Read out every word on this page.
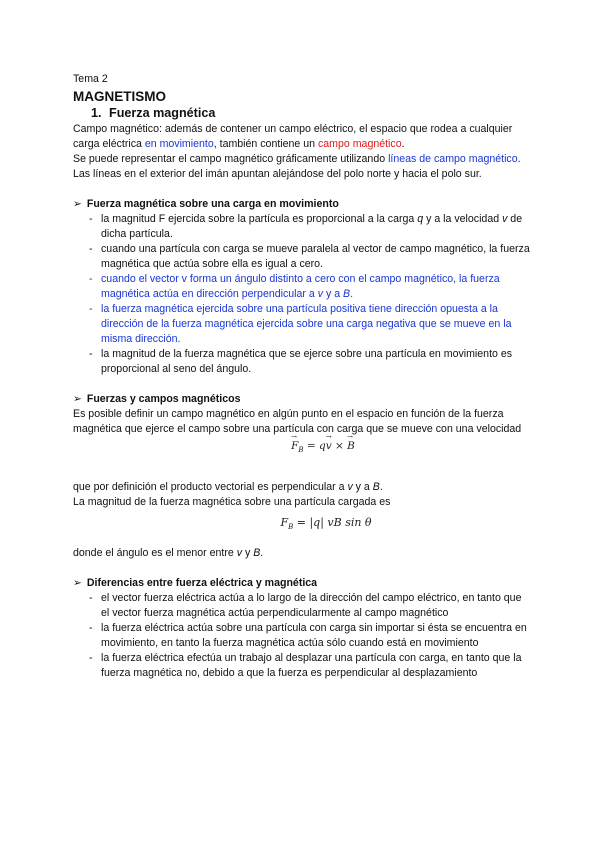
Tema 2
MAGNETISMO
1. Fuerza magnética
Campo magnético: además de contener un campo eléctrico, el espacio que rodea a cualquier carga eléctrica en movimiento, también contiene un campo magnético.
Se puede representar el campo magnético gráficamente utilizando líneas de campo magnético. Las líneas en el exterior del imán apuntan alejándose del polo norte y hacia el polo sur.
➢ Fuerza magnética sobre una carga en movimiento
- la magnitud F ejercida sobre la partícula es proporcional a la carga q y a la velocidad v de dicha partícula.
- cuando una partícula con carga se mueve paralela al vector de campo magnético, la fuerza magnética que actúa sobre ella es igual a cero.
- cuando el vector v forma un ángulo distinto a cero con el campo magnético, la fuerza magnética actúa en dirección perpendicular a v y a B.
- la fuerza magnética ejercida sobre una partícula positiva tiene dirección opuesta a la dirección de la fuerza magnética ejercida sobre una carga negativa que se mueve en la misma dirección.
- la magnitud de la fuerza magnética que se ejerce sobre una partícula en movimiento es proporcional al seno del ángulo.
➢ Fuerzas y campos magnéticos
Es posible definir un campo magnético en algún punto en el espacio en función de la fuerza magnética que ejerce el campo sobre una partícula con carga que se mueve con una velocidad
$F \to_B$ = qv → × B →
que por definición el producto vectorial es perpendicular a v y a B.
La magnitud de la fuerza magnética sobre una partícula cargada es
$F_B = |q|$ vB sin θ
donde el ángulo es el menor entre v y B.
➢ Diferencias entre fuerza eléctrica y magnética
- el vector fuerza eléctrica actúa a lo largo de la dirección del campo eléctrico, en tanto que el vector fuerza magnética actúa perpendicularmente al campo magnético
- la fuerza eléctrica actúa sobre una partícula con carga sin importar si ésta se encuentra en movimiento, en tanto la fuerza magnética actúa sólo cuando está en movimiento
- la fuerza eléctrica efectúa un trabajo al desplazar una partícula con carga, en tanto que la fuerza magnética no, debido a que la fuerza es perpendicular al desplazamiento
